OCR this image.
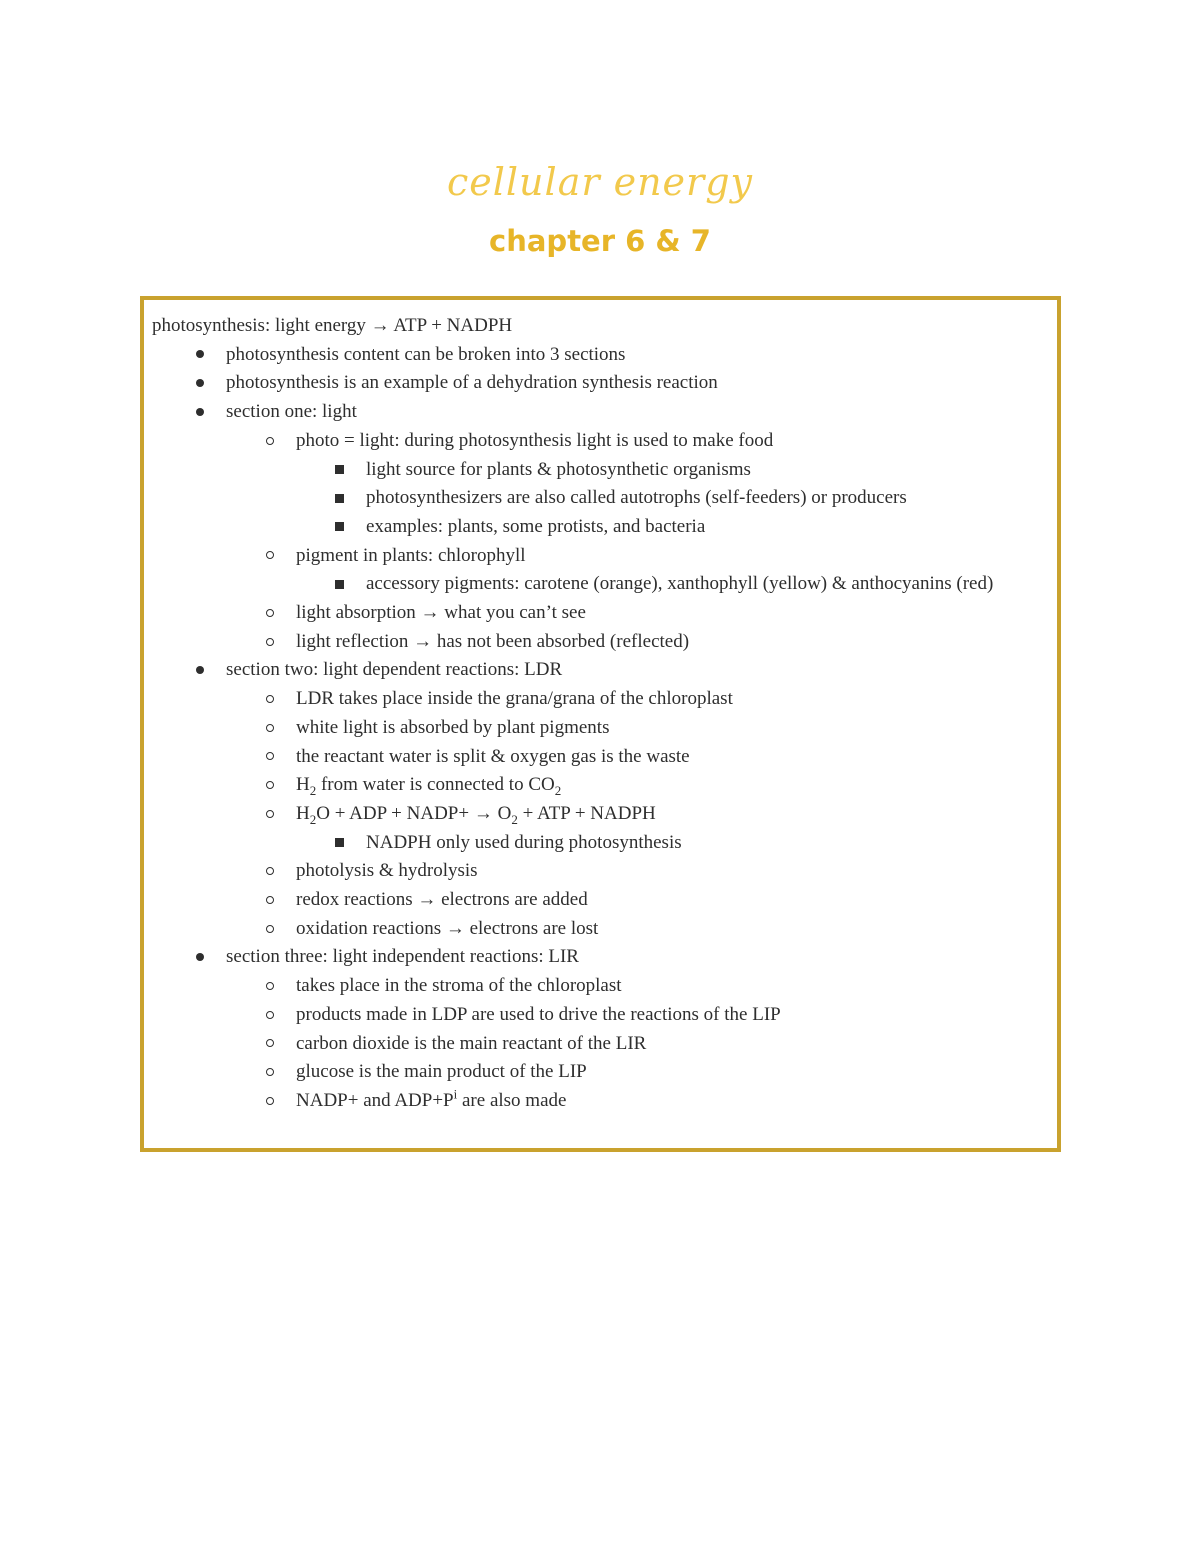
cellular energy
chapter 6 & 7
photosynthesis: light energy → ATP + NADPH
photosynthesis content can be broken into 3 sections
photosynthesis is an example of a dehydration synthesis reaction
section one: light
photo = light: during photosynthesis light is used to make food
light source for plants & photosynthetic organisms
photosynthesizers are also called autotrophs (self-feeders) or producers
examples: plants, some protists, and bacteria
pigment in plants: chlorophyll
accessory pigments: carotene (orange), xanthophyll (yellow) & anthocyanins (red)
light absorption → what you can’t see
light reflection → has not been absorbed (reflected)
section two: light dependent reactions: LDR
LDR takes place inside the grana/grana of the chloroplast
white light is absorbed by plant pigments
the reactant water is split & oxygen gas is the waste
$H_2$ from water is connected to $CO_2$
$H_2O$ + ADP + NADP+ → $O_2$ + ATP + NADPH
NADPH only used during photosynthesis
photolysis & hydrolysis
redox reactions → electrons are added
oxidation reactions → electrons are lost
section three: light independent reactions: LIR
takes place in the stroma of the chloroplast
products made in LDP are used to drive the reactions of the LIP
carbon dioxide is the main reactant of the LIR
glucose is the main product of the LIP
NADP+ and $ADP+P^i$ are also made
